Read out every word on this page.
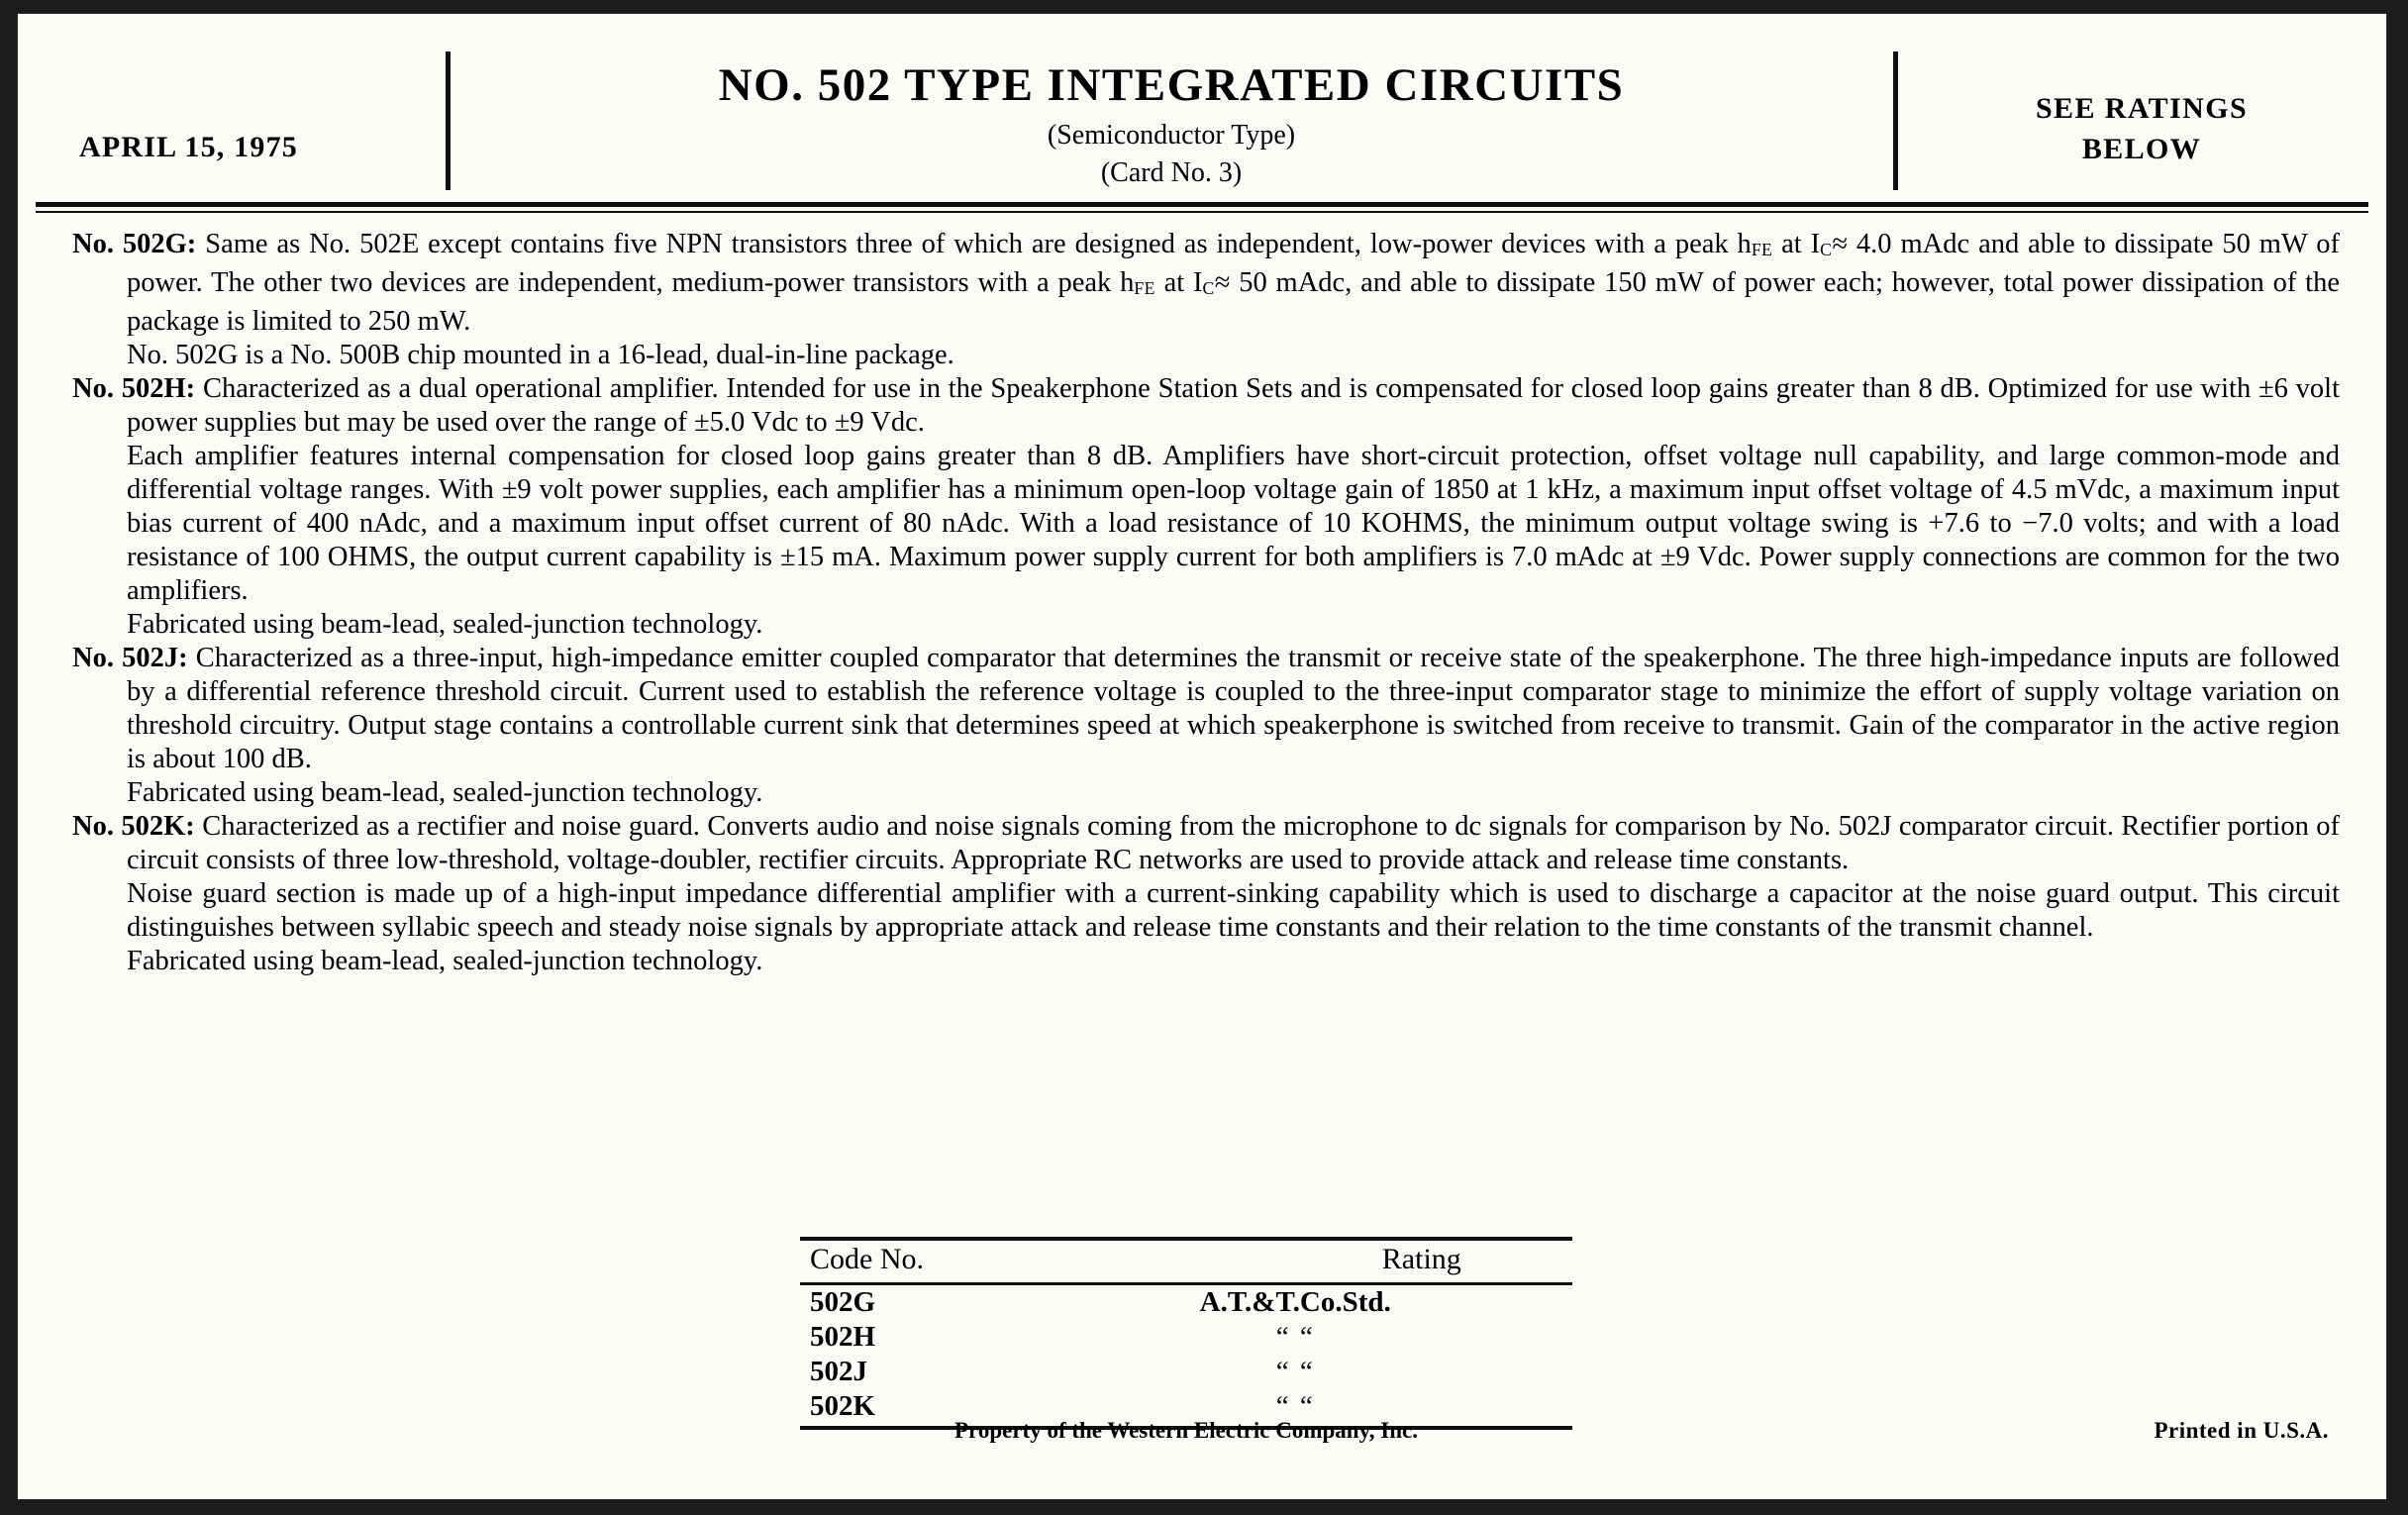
APRIL 15, 1975
NO. 502 TYPE INTEGRATED CIRCUITS
(Semiconductor Type)
(Card No. 3)
SEE RATINGS
BELOW

No. 502G: Same as No. 502E except contains five NPN transistors three of which are designed as independent, low-power devices with a peak $h_{FE}$ at $I_C\approx 4.0$ mAdc and able to dissipate 50 mW of power. The other two devices are independent, medium-power transistors with a peak $h_{FE}$ at $I_C\approx 50$ mAdc, and able to dissipate 150 mW of power each; however, total power dissipation of the package is limited to 250 mW.

No. 502G is a No. 500B chip mounted in a 16-lead, dual-in-line package.

No. 502H: Characterized as a dual operational amplifier. Intended for use in the Speakerphone Station Sets and is compensated for closed loop gains greater than 8 dB. Optimized for use with ±6 volt power supplies but may be used over the range of ±5.0 Vdc to ±9 Vdc.

Each amplifier features internal compensation for closed loop gains greater than 8 dB. Amplifiers have short-circuit protection, offset voltage null capability, and large common-mode and differential voltage ranges. With ±9 volt power supplies, each amplifier has a minimum open-loop voltage gain of 1850 at 1 kHz, a maximum input offset voltage of 4.5 mVdc, a maximum input bias current of 400 nAdc, and a maximum input offset current of 80 nAdc. With a load resistance of 10 KOHMS, the minimum output voltage swing is +7.6 to −7.0 volts; and with a load resistance of 100 OHMS, the output current capability is ±15 mA. Maximum power supply current for both amplifiers is 7.0 mAdc at ±9 Vdc. Power supply connections are common for the two amplifiers.

Fabricated using beam-lead, sealed-junction technology.

No. 502J: Characterized as a three-input, high-impedance emitter coupled comparator that determines the transmit or receive state of the speakerphone. The three high-impedance inputs are followed by a differential reference threshold circuit. Current used to establish the reference voltage is coupled to the three-input comparator stage to minimize the effort of supply voltage variation on threshold circuitry. Output stage contains a controllable current sink that determines speed at which speakerphone is switched from receive to transmit. Gain of the comparator in the active region is about 100 dB.

Fabricated using beam-lead, sealed-junction technology.

No. 502K: Characterized as a rectifier and noise guard. Converts audio and noise signals coming from the microphone to dc signals for comparison by No. 502J comparator circuit. Rectifier portion of circuit consists of three low-threshold, voltage-doubler, rectifier circuits. Appropriate RC networks are used to provide attack and release time constants.

Noise guard section is made up of a high-input impedance differential amplifier with a current-sinking capability which is used to discharge a capacitor at the noise guard output. This circuit distinguishes between syllabic speech and steady noise signals by appropriate attack and release time constants and their relation to the time constants of the transmit channel.

Fabricated using beam-lead, sealed-junction technology.

Code No.	Rating
502G	A.T.&T.Co.Std.
502H	“ “
502J	“ “
502K	“ “
Property of the Western Electric Company, Inc.	Printed in U.S.A.
